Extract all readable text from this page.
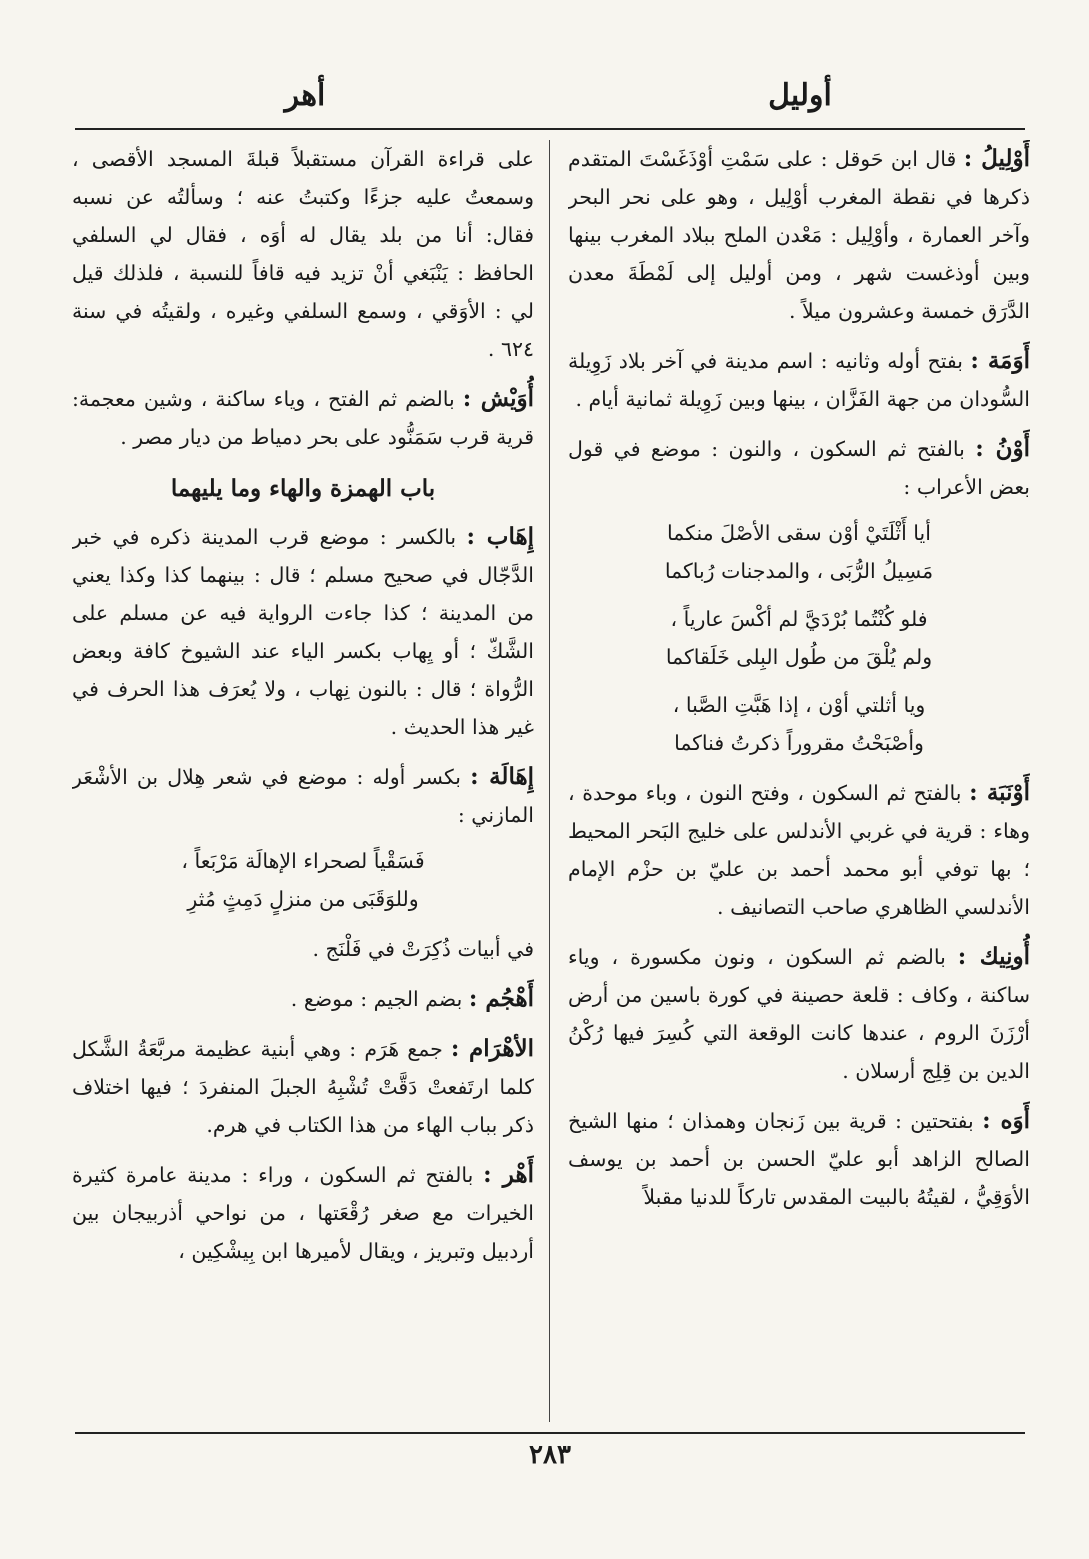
أوليل
أهر
أَوْلِيلُ : قال ابن حَوقل : على سَمْتِ أوْذَغَسْتَ المتقدم ذكرها في نقطة المغرب أوْلِيل ، وهو على نحر البحر وآخر العمارة ، وأوْلِيل : مَعْدن الملح ببلاد المغرب بينها وبين أوذغست شهر ، ومن أوليل إلى لَمْطَةَ معدن الدَّرَق خمسة وعشرون ميلاً .
أَوَمَة : بفتح أوله وثانيه : اسم مدينة في آخر بلاد زَوِيلة السُّودان من جهة الفَزَّان ، بينها وبين زَوِيلة ثمانية أيام .
أَوْنُ : بالفتح ثم السكون ، والنون : موضع في قول بعض الأعراب :
أيا أَثْلَتَيْ أوْن سقى الأصْلَ منكما
مَسِيلُ الرُّبَى ، والمدجنات رُباكما
فلو كُنْتُما بُرْدَيَّ لم أكْسَ عارياً ،
ولم يُلْقَ من طُول البِلى خَلَقاكما
ويا أثلتي أوْن ، إذا هَبَّتِ الصَّبا ،
وأصْبَحْتُ مقروراً ذكرتُ فناكما
أَوْنَبَة : بالفتح ثم السكون ، وفتح النون ، وباء موحدة ، وهاء : قرية في غربي الأندلس على خليج البَحر المحيط ؛ بها توفي أبو محمد أحمد بن عليّ بن حزْم الإمام الأندلسي الظاهري صاحب التصانيف .
أُونِيك : بالضم ثم السكون ، ونون مكسورة ، وياء ساكنة ، وكاف : قلعة حصينة في كورة باسين من أرض أرْزَنَ الروم ، عندها كانت الوقعة التي كُسِرَ فيها رُكْنُ الدين بن قِلِج أرسلان .
أَوَه : بفتحتين : قرية بين زَنجان وهمذان ؛ منها الشيخ الصالح الزاهد أبو عليّ الحسن بن أحمد بن يوسف الأوَقِيُّ ، لقيتُهُ بالبيت المقدس تاركاً للدنيا مقبلاً
على قراءة القرآن مستقبلاً قبلةَ المسجد الأقصى ، وسمعتُ عليه جزءًا وكتبتُ عنه ؛ وسألتُه عن نسبه فقال: أنا من بلد يقال له أوَه ، فقال لي السلفي الحافظ : يَنْبَغي أنْ تزيد فيه قافاً للنسبة ، فلذلك قيل لي : الأوَقي ، وسمع السلفي وغيره ، ولقيتُه في سنة ٦٢٤ .
أُوَيْش : بالضم ثم الفتح ، وياء ساكنة ، وشين معجمة: قرية قرب سَمَنُّود على بحر دمياط من ديار مصر .
باب الهمزة والهاء وما يليهما
إِهَاب : بالكسر : موضع قرب المدينة ذكره في خبر الدَّجّال في صحيح مسلم ؛ قال : بينهما كذا وكذا يعني من المدينة ؛ كذا جاءت الرواية فيه عن مسلم على الشَّكّ ؛ أو يِهاب بكسر الياء عند الشيوخ كافة وبعض الرُّواة ؛ قال : بالنون نِهاب ، ولا يُعرَف هذا الحرف في غير هذا الحديث .
إِهَالَة : بكسر أوله : موضع في شعر هِلال بن الأشْعَر المازني :
فَسَقْياً لصحراء الإهالَة مَرْبَعاً ،
وللوَقَبَى من منزلٍ دَمِثٍ مُثرِ
في أبيات ذُكِرَتْ في فَلْنَج .
أَهْجُم : بضم الجيم : موضع .
الأهْرَام : جمع هَرَم : وهي أبنية عظيمة مربَّعَةُ الشَّكل كلما ارتَفعتْ دَقَّتْ تُشْبِهُ الجبلَ المنفردَ ؛ فيها اختلاف ذكر بباب الهاء من هذا الكتاب في هرم.
أَهْر : بالفتح ثم السكون ، وراء : مدينة عامرة كثيرة الخيرات مع صغر رُقْعَتها ، من نواحي أذربيجان بين أردبيل وتبريز ، ويقال لأميرها ابن بِيشْكِين ،
٢٨٣
